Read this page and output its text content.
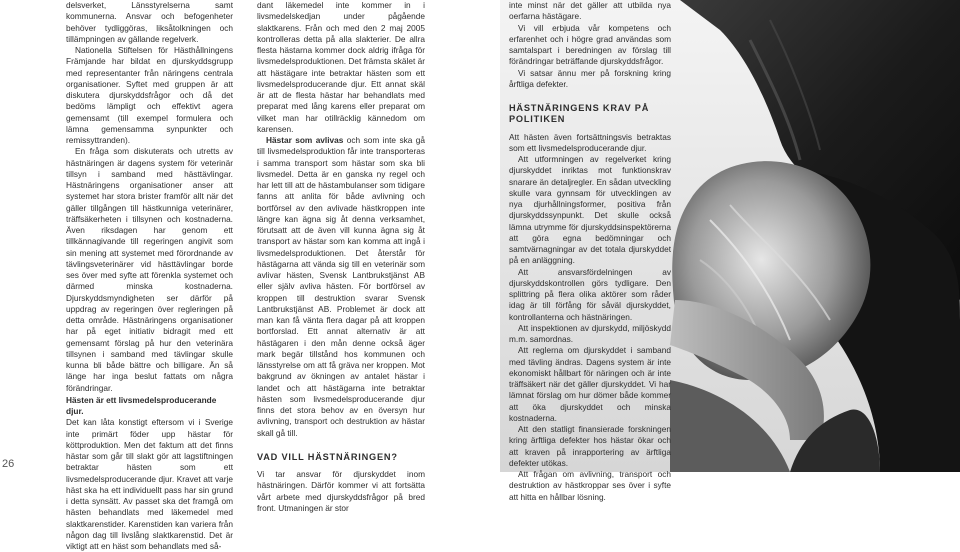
26

delsverket, Länsstyrelserna samt kommunerna. Ansvar och befogenheter behöver tydliggöras, liksåtolkningen och tillämpningen av gällande regelverk.

Nationella Stiftelsen för Hästhållningens Främjande har bildat en djurskyddsgrupp med representanter från näringens centrala organisationer. Syftet med gruppen är att diskutera djurskyddsfrågor och då det bedöms lämpligt och effektivt agera gemensamt (till exempel formulera och lämna gemensamma synpunkter och remissyttranden).

En fråga som diskuterats och utretts av hästnäringen är dagens system för veterinär tillsyn i samband med hästtävlingar. Hästnäringens organisationer anser att systemet har stora brister framför allt när det gäller tillgången till hästkunniga veterinärer, träffsäkerheten i tillsynen och kostnaderna. Även riksdagen har genom ett tillkännagivande till regeringen angivit som sin mening att systemet med förordnande av tävlingsveterinärer vid hästtävlingar borde ses över med syfte att förenkla systemet och därmed minska kostnaderna. Djurskyddsmyndigheten ser därför på uppdrag av regeringen över regleringen på detta område. Hästnäringens organisationer har på eget initiativ bidragit med ett gemensamt förslag på hur den veterinära tillsynen i samband med tävlingar skulle kunna bli både bättre och billigare. Än så länge har inga beslut fattats om några förändringar.

Hästen är ett livsmedelsproducerande djur.

Det kan låta konstigt eftersom vi i Sverige inte primärt föder upp hästar för köttproduktion. Men det faktum att det finns hästar som går till slakt gör att lagstiftningen betraktar hästen som ett livsmedelsproducerande djur. Kravet att varje häst ska ha ett individuellt pass har sin grund i detta synsätt. Av passet ska det framgå om hästen behandlats med läkemedel med slaktkarenstider. Karenstiden kan variera från någon dag till livslång slaktkarenstid. Det är viktigt att en häst som behandlats med så-

dant läkemedel inte kommer in i livsmedelskedjan under pågående slaktkarens. Från och med den 2 maj 2005 kontrolleras detta på alla slakterier. De allra flesta hästarna kommer dock aldrig ifråga för livsmedelsproduktionen. Det främsta skälet är att hästägare inte betraktar hästen som ett livsmedelsproducerande djur. Ett annat skäl är att de flesta hästar har behandlats med preparat med lång karens eller preparat om vilket man har otillräcklig kännedom om karensen.

Hästar som avlivas och som inte ska gå till livsmedelsproduktion får inte transporteras i samma transport som hästar som ska bli livsmedel. Detta är en ganska ny regel och har lett till att de hästambulanser som tidigare fanns att anlita för både avlivning och bortförsel av den avlivade hästkroppen inte längre kan ägna sig åt denna verksamhet, förutsatt att de även vill kunna ägna sig åt transport av hästar som kan komma att ingå i livsmedelsproduktionen. Det återstår för hästägarna att vända sig till en veterinär som avlivar hästen, Svensk Lantbrukstjänst AB eller själv avliva hästen. För bortförsel av kroppen till destruktion svarar Svensk Lantbrukstjänst AB. Problemet är dock att man kan få vänta flera dagar på att kroppen bortforslad. Ett annat alternativ är att hästägaren i den mån denne också äger mark begär tillstånd hos kommunen och länsstyrelse om att få gräva ner kroppen. Mot bakgrund av ökningen av antalet hästar i landet och att hästägarna inte betraktar hästen som livsmedelsproducerande djur finns det stora behov av en översyn hur avlivning, transport och destruktion av hästar skall gå till.

VAD VILL HÄSTNÄRINGEN?

Vi tar ansvar för djurskyddet inom hästnäringen. Därför kommer vi att fortsätta vårt arbete med djurskyddsfrågor på bred front. Utmaningen är stor

inte minst när det gäller att utbilda nya oerfarna hästägare.

Vi vill erbjuda vår kompetens och erfarenhet och i högre grad användas som samtalspart i beredningen av förslag till förändringar beträffande djurskyddsfrågor.

Vi satsar ännu mer på forskning kring årftliga defekter.

HÄSTNÄRINGENS KRAV PÅ POLITIKEN

Att hästen även fortsättningsvis betraktas som ett livsmedelsproducerande djur.

Att utformningen av regelverket kring djurskyddet inriktas mot funktionskrav snarare än detaljregler. En sådan utveckling skulle vara gynnsam för utvecklingen av nya djurhållningsformer, positiva från djurskyddssynpunkt. Det skulle också lämna utrymme för djurskyddsinspektörerna att göra egna bedömningar och samtvärnagningar av det totala djurskyddet på en anläggning.

Att ansvarsfördelningen av djurskyddskontrollen görs tydligare. Den splittring på flera olika aktörer som råder idag är till förfång för såväl djurskyddet, kontrollanterna och hästnäringen.

Att inspektionen av djurskydd, miljöskydd m.m. samordnas.

Att reglerna om djurskyddet i samband med tävling ändras. Dagens system är inte ekonomiskt hållbart för näringen och är inte träffsäkert när det gäller djurskyddet. Vi har lämnat förslag om hur dömer både kommer att öka djurskyddet och minska kostnaderna.

Att den statligt finansierade forskningen kring ärftliga defekter hos hästar ökar och att kraven på inrapportering av ärftliga defekter utökas.

Att frågan om avlivning, transport och destruktion av hästkroppar ses över i syfte att hitta en hållbar lösning.
